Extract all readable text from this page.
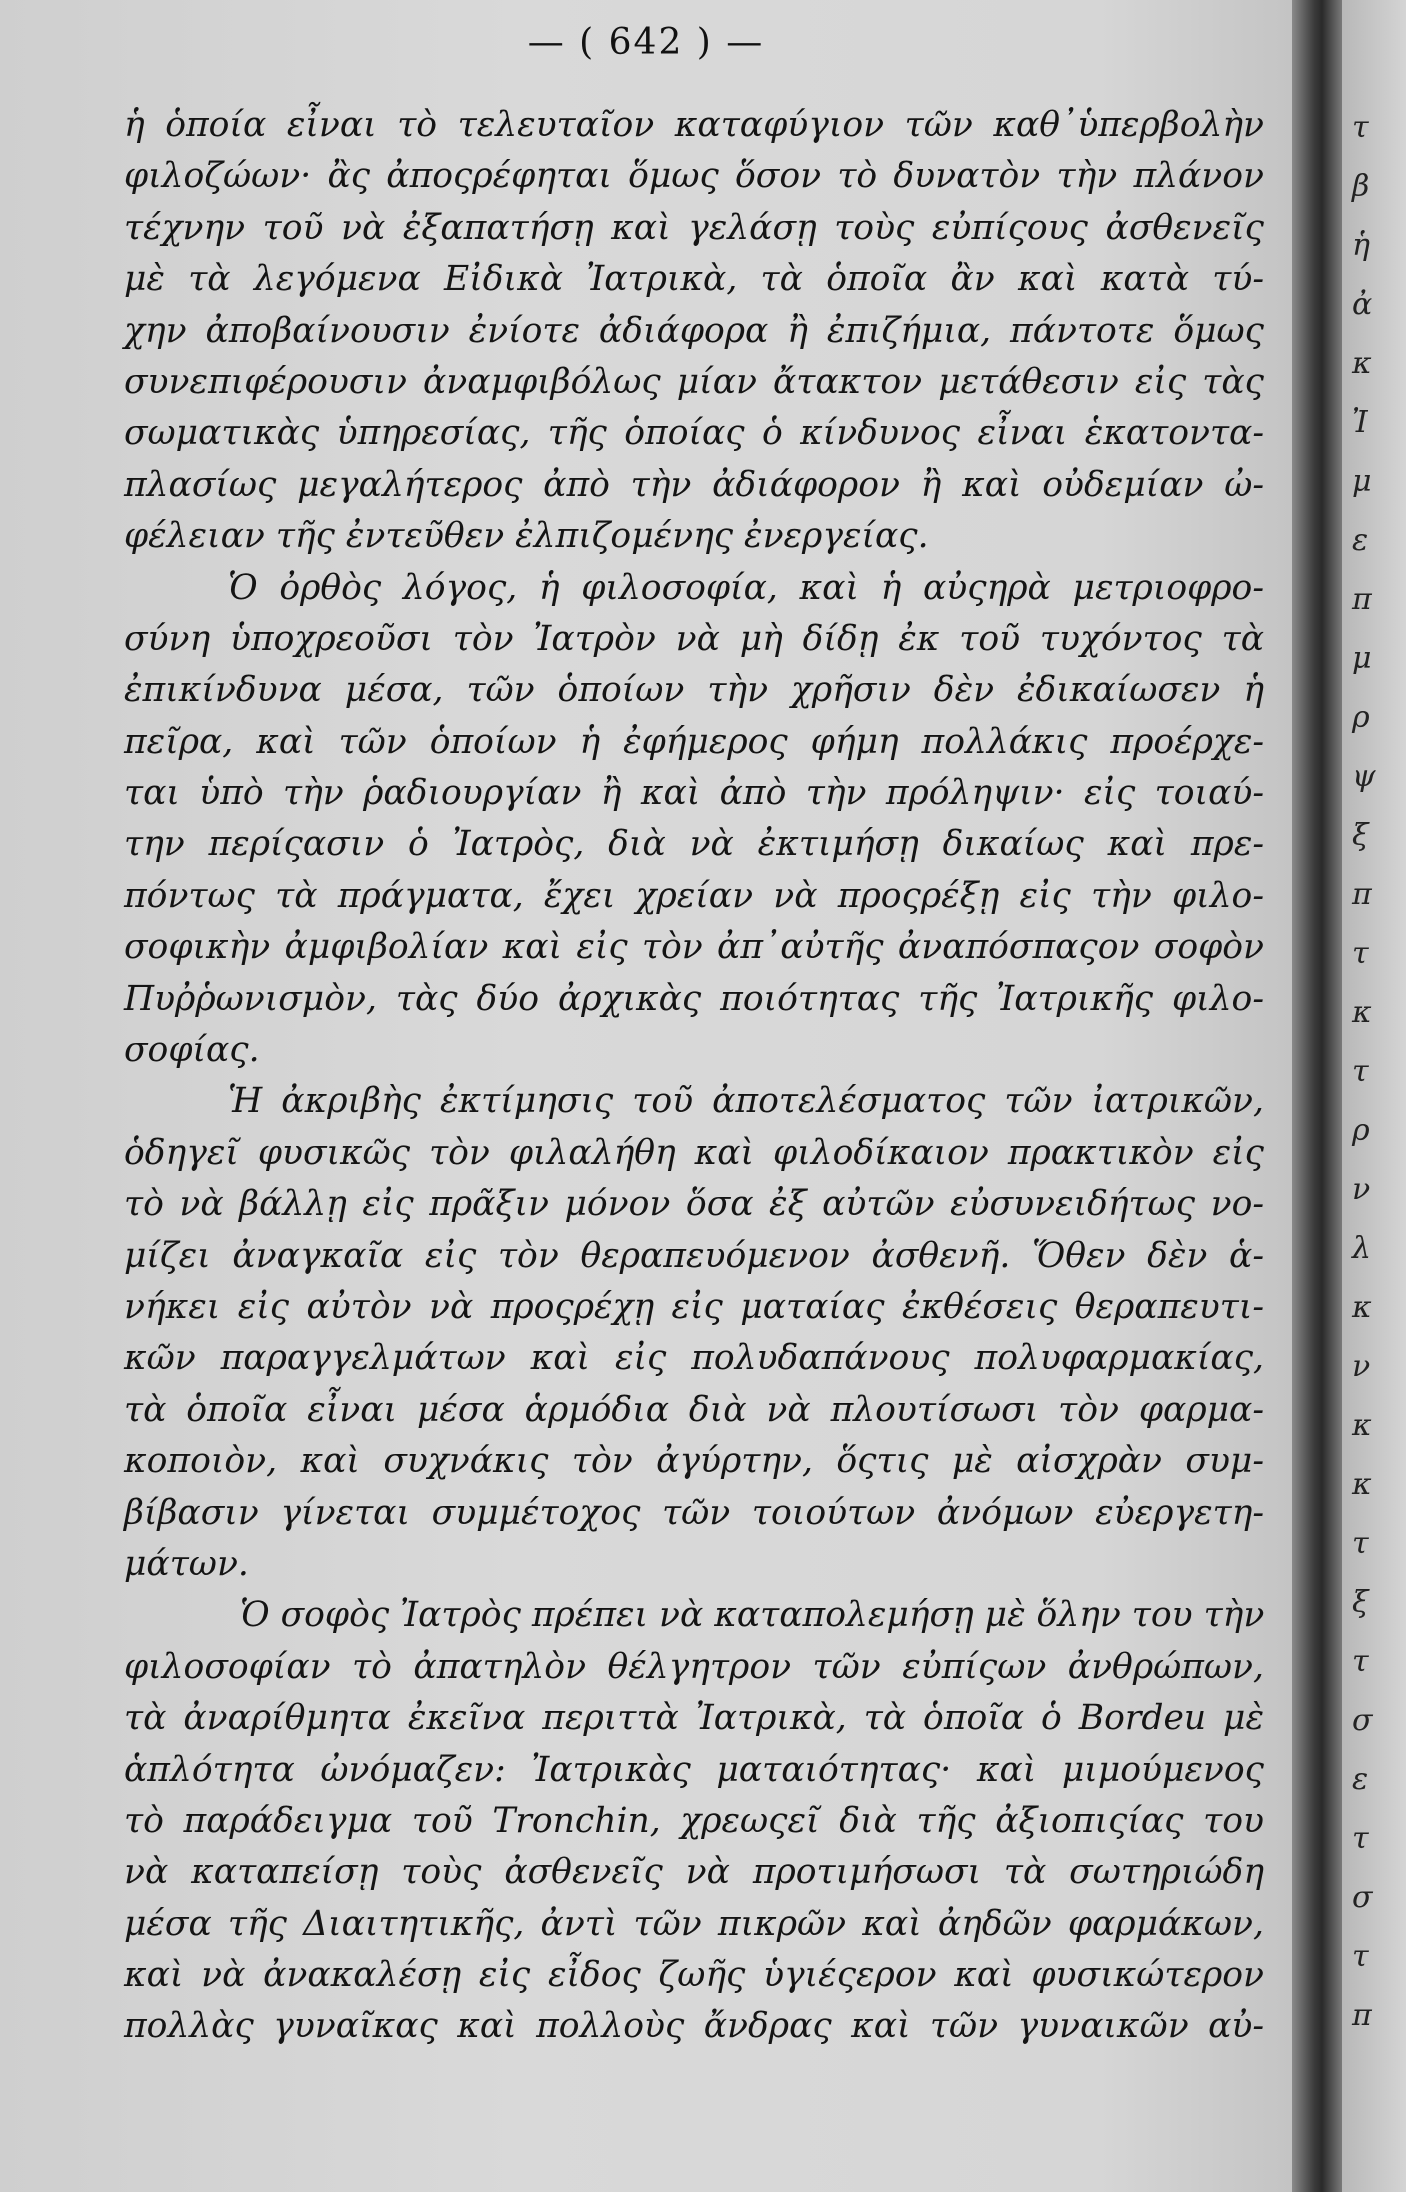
— ( 642 ) —
ἡ ὁποία εἶναι τὸ τελευταῖον καταφύγιον τῶν καθ᾽ὑπερβολὴν
φιλοζώων· ἂς ἀποςρέφηται ὅμως ὅσον τὸ δυνατὸν τὴν πλάνον
τέχνην τοῦ νὰ ἐξαπατήσῃ καὶ γελάσῃ τοὺς εὐπίςους ἀσθενεῖς
μὲ τὰ λεγόμενα Εἰδικὰ Ἰατρικὰ, τὰ ὁποῖα ἂν καὶ κατὰ τύ-
χην ἀποβαίνουσιν ἐνίοτε ἀδιάφορα ἢ ἐπιζήμια, πάντοτε ὅμως
συνεπιφέρουσιν ἀναμφιβόλως μίαν ἄτακτον μετάθεσιν εἰς τὰς
σωματικὰς ὑπηρεσίας, τῆς ὁποίας ὁ κίνδυνος εἶναι ἑκατοντα-
πλασίως μεγαλήτερος ἀπὸ τὴν ἀδιάφορον ἢ καὶ οὐδεμίαν ὠ-
φέλειαν τῆς ἐντεῦθεν ἐλπιζομένης ἐνεργείας.
Ὁ ὀρθὸς λόγος, ἡ φιλοσοφία, καὶ ἡ αὐςηρὰ μετριοφρο-
σύνη ὑποχρεοῦσι τὸν Ἰατρὸν νὰ μὴ δίδῃ ἐκ τοῦ τυχόντος τὰ
ἐπικίνδυνα μέσα, τῶν ὁποίων τὴν χρῆσιν δὲν ἐδικαίωσεν ἡ
πεῖρα, καὶ τῶν ὁποίων ἡ ἐφήμερος φήμη πολλάκις προέρχε-
ται ὑπὸ τὴν ῥαδιουργίαν ἢ καὶ ἀπὸ τὴν πρόληψιν· εἰς τοιαύ-
την περίςασιν ὁ Ἰατρὸς, διὰ νὰ ἐκτιμήσῃ δικαίως καὶ πρε-
πόντως τὰ πράγματα, ἔχει χρείαν νὰ προςρέξῃ εἰς τὴν φιλο-
σοφικὴν ἀμφιβολίαν καὶ εἰς τὸν ἀπ᾽αὐτῆς ἀναπόσπαςον σοφὸν
Πυῤῥωνισμὸν, τὰς δύο ἀρχικὰς ποιότητας τῆς Ἰατρικῆς φιλο-
σοφίας.
Ἡ ἀκριβὴς ἐκτίμησις τοῦ ἀποτελέσματος τῶν ἰατρικῶν,
ὁδηγεῖ φυσικῶς τὸν φιλαλήθη καὶ φιλοδίκαιον πρακτικὸν εἰς
τὸ νὰ βάλλῃ εἰς πρᾶξιν μόνον ὅσα ἐξ αὐτῶν εὐσυνειδήτως νο-
μίζει ἀναγκαῖα εἰς τὸν θεραπευόμενον ἀσθενῆ. Ὅθεν δὲν ἁ-
νήκει εἰς αὐτὸν νὰ προςρέχῃ εἰς ματαίας ἐκθέσεις θεραπευτι-
κῶν παραγγελμάτων καὶ εἰς πολυδαπάνους πολυφαρμακίας,
τὰ ὁποῖα εἶναι μέσα ἁρμόδια διὰ νὰ πλουτίσωσι τὸν φαρμα-
κοποιὸν, καὶ συχνάκις τὸν ἀγύρτην, ὅςτις μὲ αἰσχρὰν συμ-
βίβασιν γίνεται συμμέτοχος τῶν τοιούτων ἀνόμων εὐεργετη-
μάτων.
Ὁ σοφὸς Ἰατρὸς πρέπει νὰ καταπολεμήσῃ μὲ ὅλην του τὴν
φιλοσοφίαν τὸ ἀπατηλὸν θέλγητρον τῶν εὐπίςων ἀνθρώπων,
τὰ ἀναρίθμητα ἐκεῖνα περιττὰ Ἰατρικὰ, τὰ ὁποῖα ὁ Bordeu μὲ
ἁπλότητα ὠνόμαζεν: Ἰατρικὰς ματαιότητας· καὶ μιμούμενος
τὸ παράδειγμα τοῦ Tronchin, χρεωςεῖ διὰ τῆς ἀξιοπιςίας του
νὰ καταπείσῃ τοὺς ἀσθενεῖς νὰ προτιμήσωσι τὰ σωτηριώδη
μέσα τῆς Διαιτητικῆς, ἀντὶ τῶν πικρῶν καὶ ἀηδῶν φαρμάκων,
καὶ νὰ ἀνακαλέσῃ εἰς εἶδος ζωῆς ὑγιέςερον καὶ φυσικώτερον
πολλὰς γυναῖκας καὶ πολλοὺς ἄνδρας καὶ τῶν γυναικῶν αὐ-
τ
β
ἡ
ἀ
κ
Ἰ
μ
ε
π
μ
ρ
ψ
ξ
π
τ
κ
τ
ρ
ν
λ
κ
ν
κ
κ
τ
ξ
τ
σ
ε
τ
σ
τ
π
